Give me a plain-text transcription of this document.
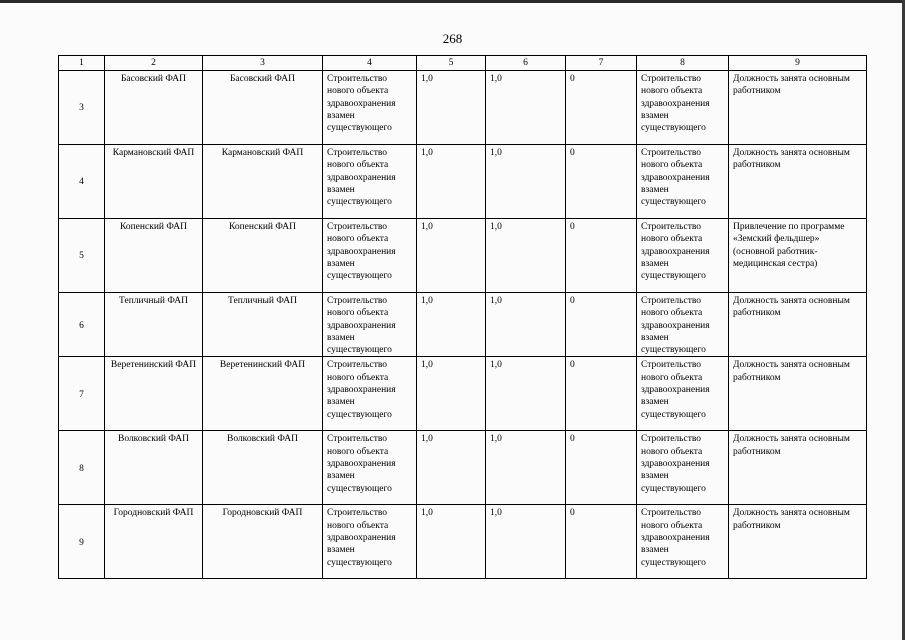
268
1	2	3	4	5	6	7	8	9
3	Басовский ФАП	Басовский ФАП	Строительство нового объекта здравоохранения взамен существующего	1,0	1,0	0	Строительство нового объекта здравоохранения взамен существующего	Должность занята основным работником
4	Кармановский ФАП	Кармановский ФАП	Строительство нового объекта здравоохранения взамен существующего	1,0	1,0	0	Строительство нового объекта здравоохранения взамен существующего	Должность занята основным работником
5	Копенский ФАП	Копенский ФАП	Строительство нового объекта здравоохранения взамен существующего	1,0	1,0	0	Строительство нового объекта здравоохранения взамен существующего	Привлечение по программе «Земский фельдшер» (основной работник- медицинская сестра)
6	Тепличный ФАП	Тепличный ФАП	Строительство нового объекта здравоохранения взамен существующего	1,0	1,0	0	Строительство нового объекта здравоохранения взамен существующего	Должность занята основным работником
7	Веретенинский ФАП	Веретенинский ФАП	Строительство нового объекта здравоохранения взамен существующего	1,0	1,0	0	Строительство нового объекта здравоохранения взамен существующего	Должность занята основным работником
8	Волковский ФАП	Волковский ФАП	Строительство нового объекта здравоохранения взамен существующего	1,0	1,0	0	Строительство нового объекта здравоохранения взамен существующего	Должность занята основным работником
9	Городновский ФАП	Городновский ФАП	Строительство нового объекта здравоохранения взамен существующего	1,0	1,0	0	Строительство нового объекта здравоохранения взамен существующего	Должность занята основным работником
